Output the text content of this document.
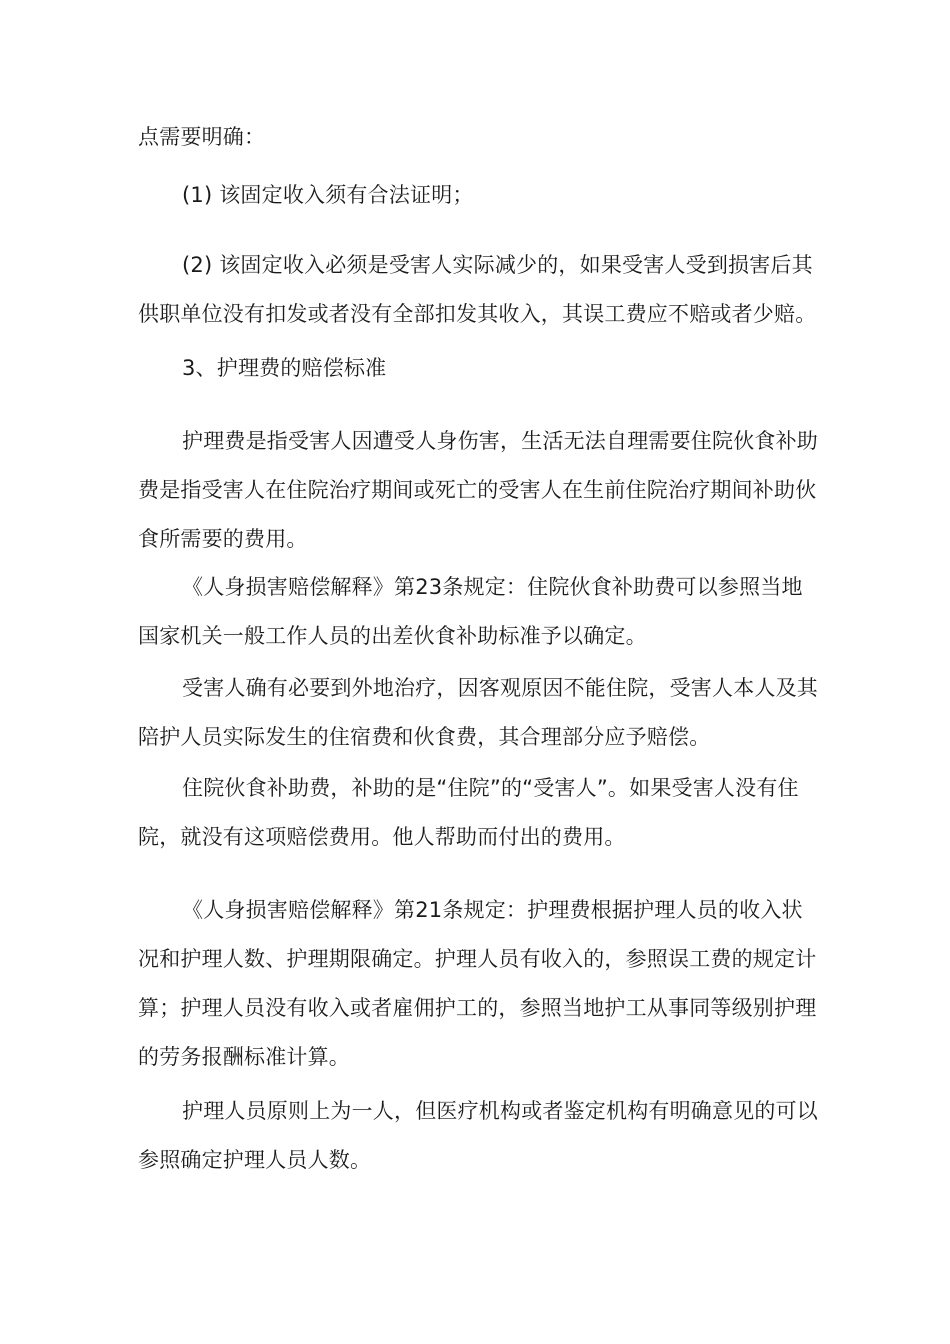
点需要明确：

(1) 该固定收入须有合法证明；

(2) 该固定收入必须是受害人实际减少的，如果受害人受到损害后其供职单位没有扣发或者没有全部扣发其收入，其误工费应不赔或者少赔。

3、护理费的赔偿标准

护理费是指受害人因遭受人身伤害，生活无法自理需要住院伙食补助费是指受害人在住院治疗期间或死亡的受害人在生前住院治疗期间补助伙食所需要的费用。

《人身损害赔偿解释》第23条规定：住院伙食补助费可以参照当地国家机关一般工作人员的出差伙食补助标准予以确定。

受害人确有必要到外地治疗，因客观原因不能住院，受害人本人及其陪护人员实际发生的住宿费和伙食费，其合理部分应予赔偿。

住院伙食补助费，补助的是“住院”的“受害人”。如果受害人没有住院，就没有这项赔偿费用。他人帮助而付出的费用。

《人身损害赔偿解释》第21条规定：护理费根据护理人员的收入状况和护理人数、护理期限确定。护理人员有收入的，参照误工费的规定计算；护理人员没有收入或者雇佣护工的，参照当地护工从事同等级别护理的劳务报酬标准计算。

护理人员原则上为一人，但医疗机构或者鉴定机构有明确意见的可以参照确定护理人员人数。
